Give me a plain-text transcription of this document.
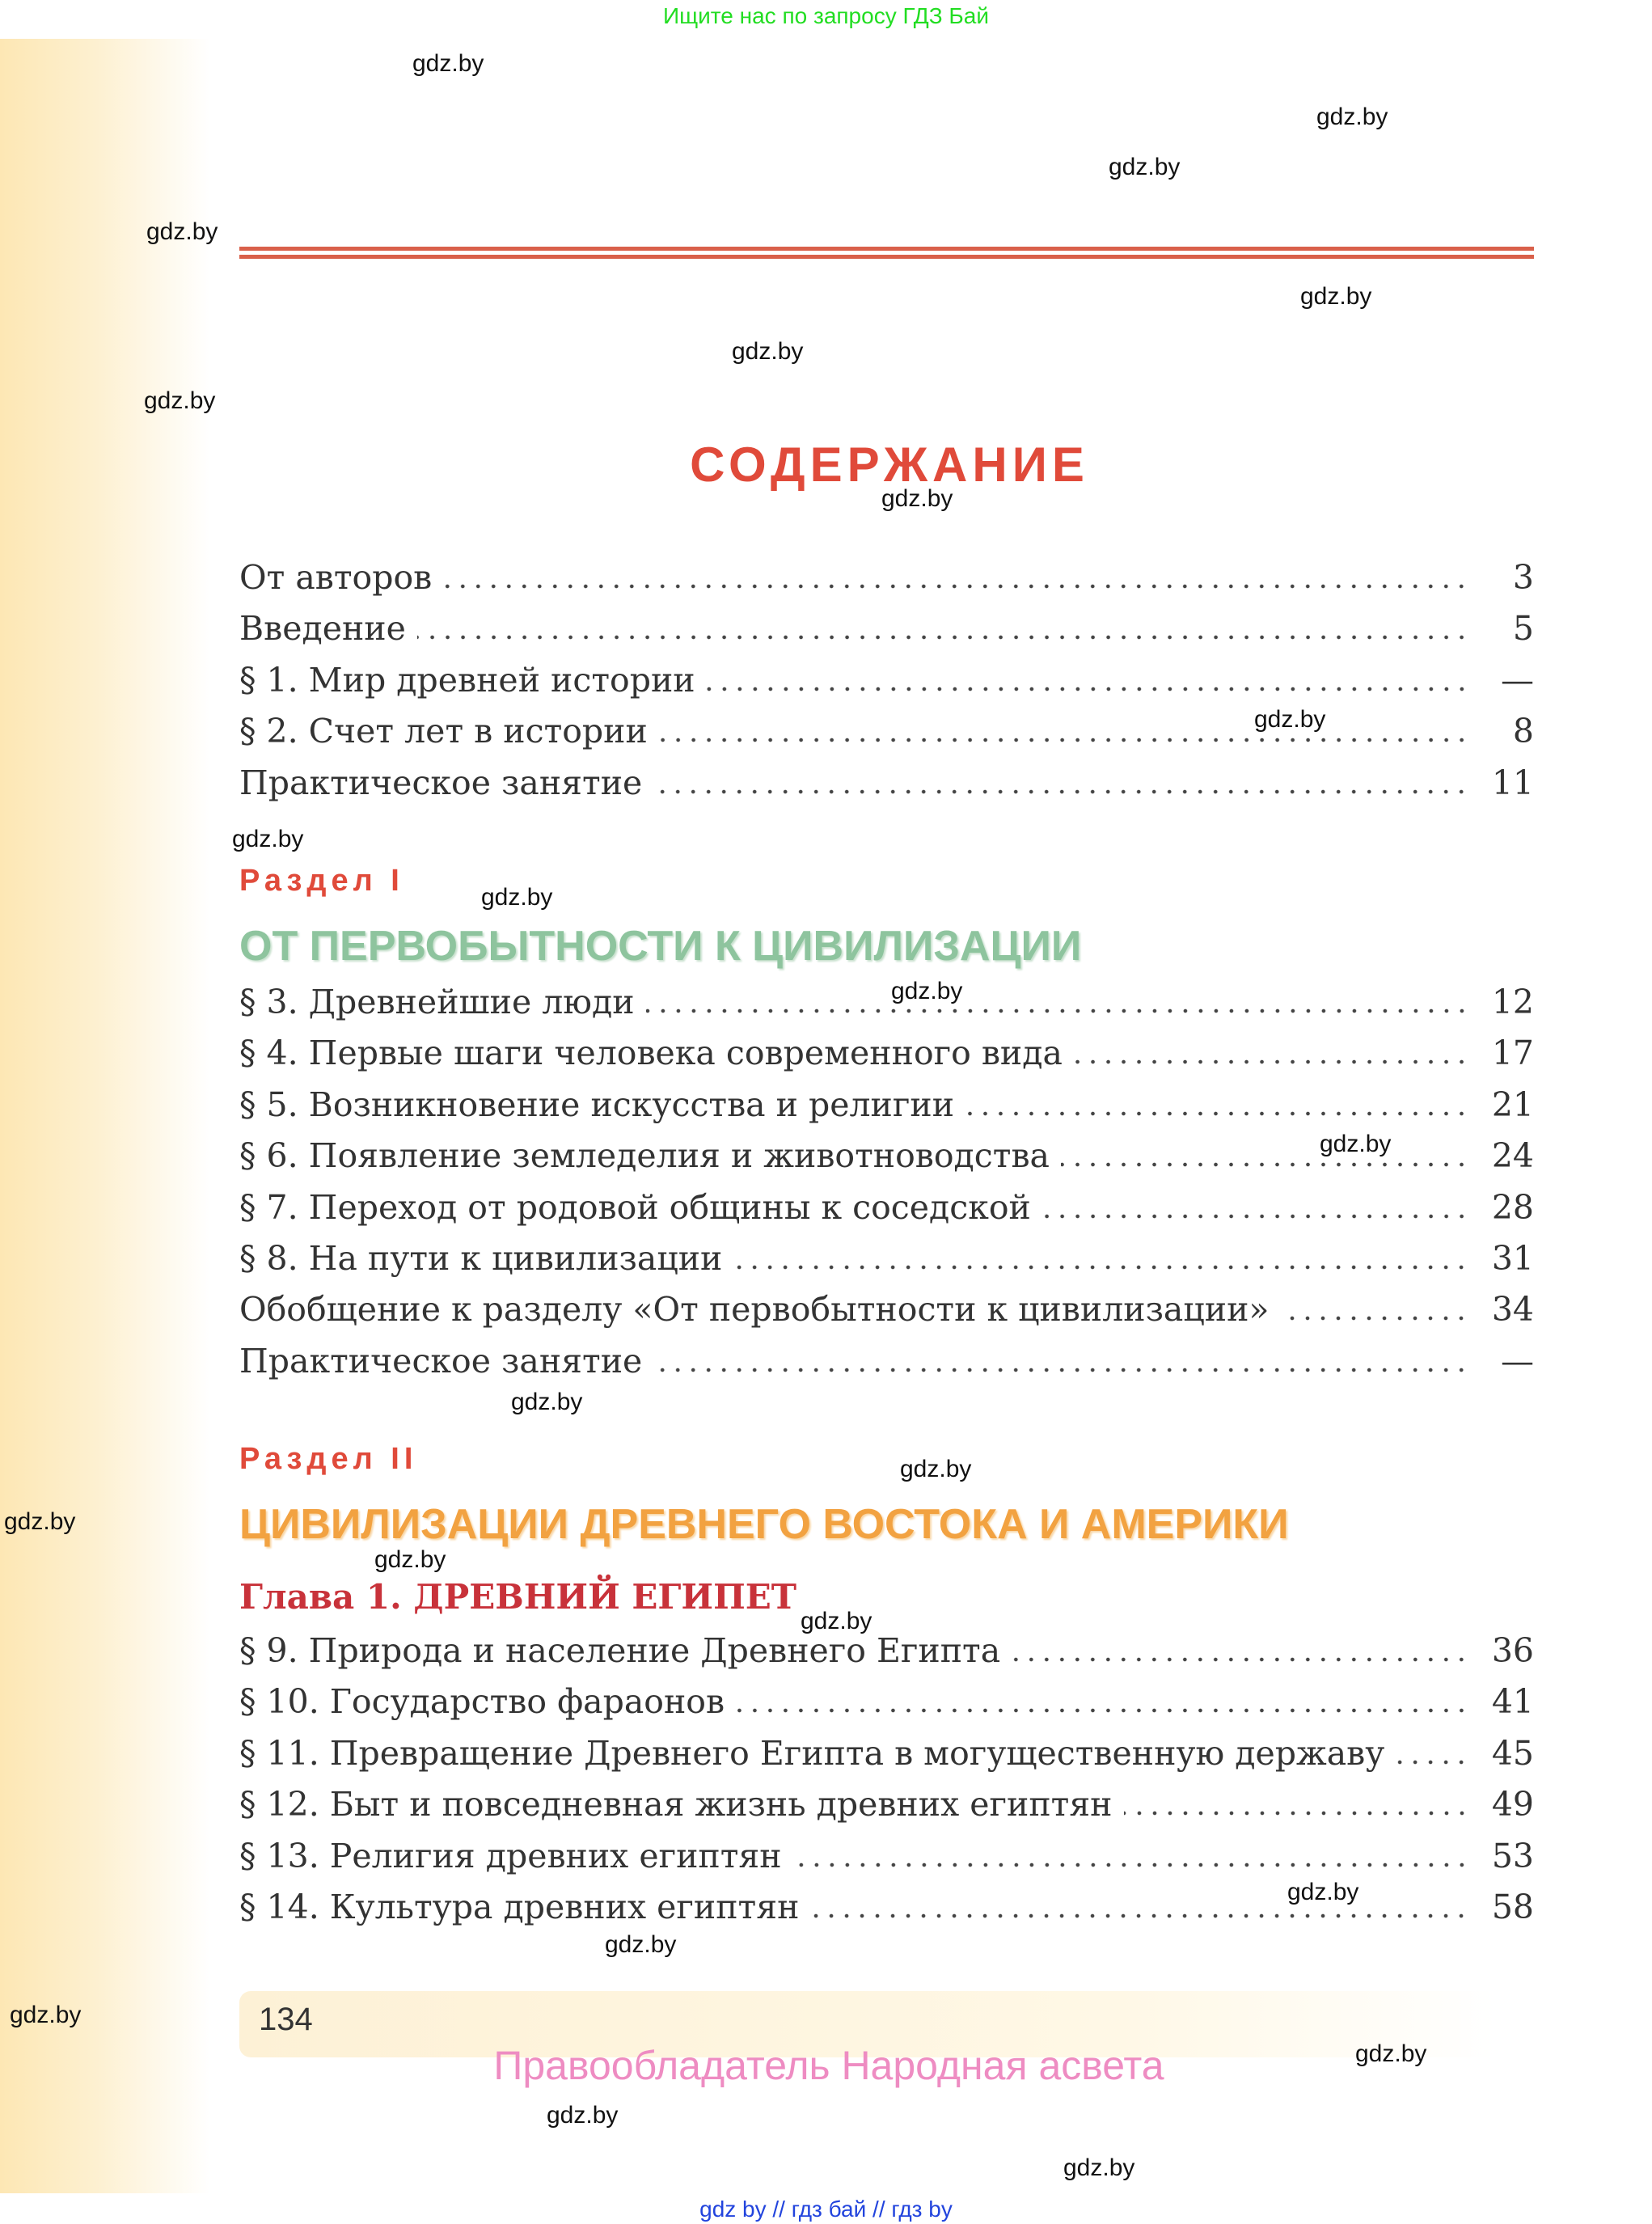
Ищите нас по запросу ГДЗ Бай
СОДЕРЖАНИЕ
От авторов	3
Введение	5
§ 1. Мир древней истории	—
§ 2. Счет лет в истории	8
Практическое занятие	11
Раздел I
ОТ ПЕРВОБЫТНОСТИ К ЦИВИЛИЗАЦИИ
§ 3. Древнейшие люди	12
§ 4. Первые шаги человека современного вида	17
§ 5. Возникновение искусства и религии	21
§ 6. Появление земледелия и животноводства	24
§ 7. Переход от родовой общины к соседской	28
§ 8. На пути к цивилизации	31
Обобщение к разделу «От первобытности к цивилизации»	34
Практическое занятие	—
Раздел II
ЦИВИЛИЗАЦИИ ДРЕВНЕГО ВОСТОКА И АМЕРИКИ
Глава 1. ДРЕВНИЙ ЕГИПЕТ
§ 9. Природа и население Древнего Египта	36
§ 10. Государство фараонов	41
§ 11. Превращение Древнего Египта в могущественную державу	45
§ 12. Быт и повседневная жизнь древних египтян	49
§ 13. Религия древних египтян	53
§ 14. Культура древних египтян	58
134
Правообладатель Народная асвета
gdz by // гдз бай // гдз by
gdz.by
gdz.by
gdz.by
gdz.by
gdz.by
gdz.by
gdz.by
gdz.by
gdz.by
gdz.by
gdz.by
gdz.by
gdz.by
gdz.by
gdz.by
gdz.by
gdz.by
gdz.by
gdz.by
gdz.by
gdz.by
gdz.by
gdz.by
gdz.by
